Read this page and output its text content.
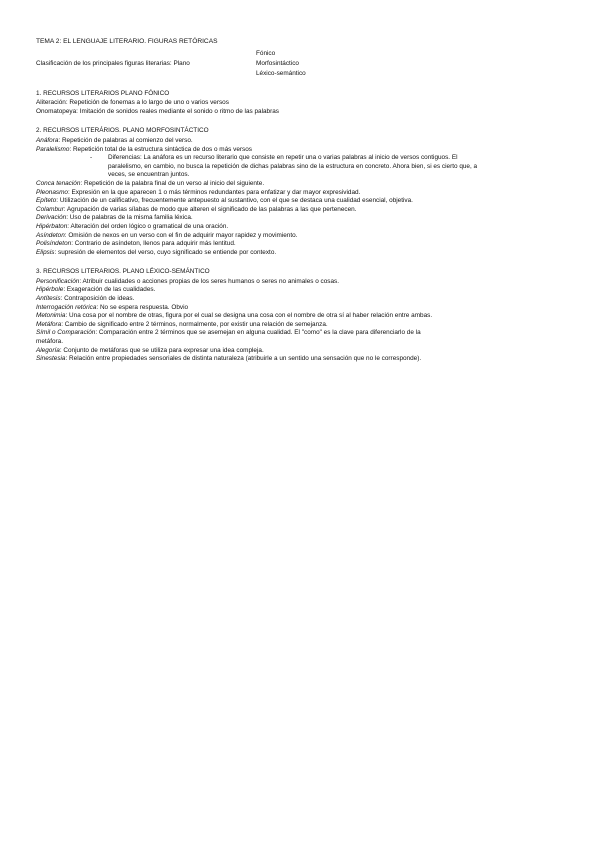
TEMA 2: EL LENGUAJE LITERARIO. FIGURAS RETÓRICAS
Clasificación de los principales figuras literarias: Plano
Fónico
Morfosintáctico
Léxico-semántico
1. RECURSOS LITERARIOS PLANO FÓNICO
Aliteración: Repetición de fonemas a lo largo de uno o varios versos
Onomatopeya: Imitación de sonidos reales mediante el sonido o ritmo de las palabras
2. RECURSOS LITERÁRIOS. PLANO MORFOSINTÁCTICO
Anáfora: Repetición de palabras al comienzo del verso.
Paralelismo: Repetición total de la estructura sintáctica de dos o más versos
-	Diferencias: La anáfora es un recurso literario que consiste en repetir una o varias palabras al inicio de versos contiguos. El
paralelismo, en cambio, no busca la repetición de dichas palabras sino de la estructura en concreto. Ahora bien, si es cierto que, a
veces, se encuentran juntos.
Conca tenación: Repetición de la palabra final de un verso al inicio del siguiente.
Pleonasmo: Expresión en la que aparecen 1 o más términos redundantes para enfatizar y dar mayor expresividad.
Epíteto: Utilización de un calificativo, frecuentemente antepuesto al sustantivo, con el que se destaca una cualidad esencial, objetiva.
Colambur: Agrupación de varias sílabas de modo que alteren el significado de las palabras a las que pertenecen.
Derivación: Uso de palabras de la misma familia léxica.
Hipérbaton: Alteración del orden lógico o gramatical de una oración.
Asíndeton: Omisión de nexos en un verso con el fin de adquirir mayor rapidez y movimiento.
Polisíndeton: Contrario de asíndeton, llenos para adquirir más lentitud.
Elipsis: supresión de elementos del verso, cuyo significado se entiende por contexto.
3. RECURSOS LITERARIOS. PLANO LÉXICO-SEMÁNTICO
Personificación: Atribuir cualidades o acciones propias de los seres humanos o seres no animales o cosas.
Hipérbole: Exageración de las cualidades.
Antítesis: Contraposición de ideas.
Interrogación retórica: No se espera respuesta. Obvio
Metonimia: Una cosa por el nombre de otras, figura por el cual se designa una cosa con el nombre de otra sí al haber relación entre ambas.
Metáfora: Cambio de significado entre 2 términos, normalmente, por existir una relación de semejanza.
Símil o Comparación: Comparación entre 2 términos que se asemejan en alguna cualidad. El "como" es la clave para diferenciarlo de la
metáfora.
Alegoría: Conjunto de metáforas que se utiliza para expresar una idea compleja.
Sinestesia: Relación entre propiedades sensoriales de distinta naturaleza (atribuirle a un sentido una sensación que no le corresponde).
